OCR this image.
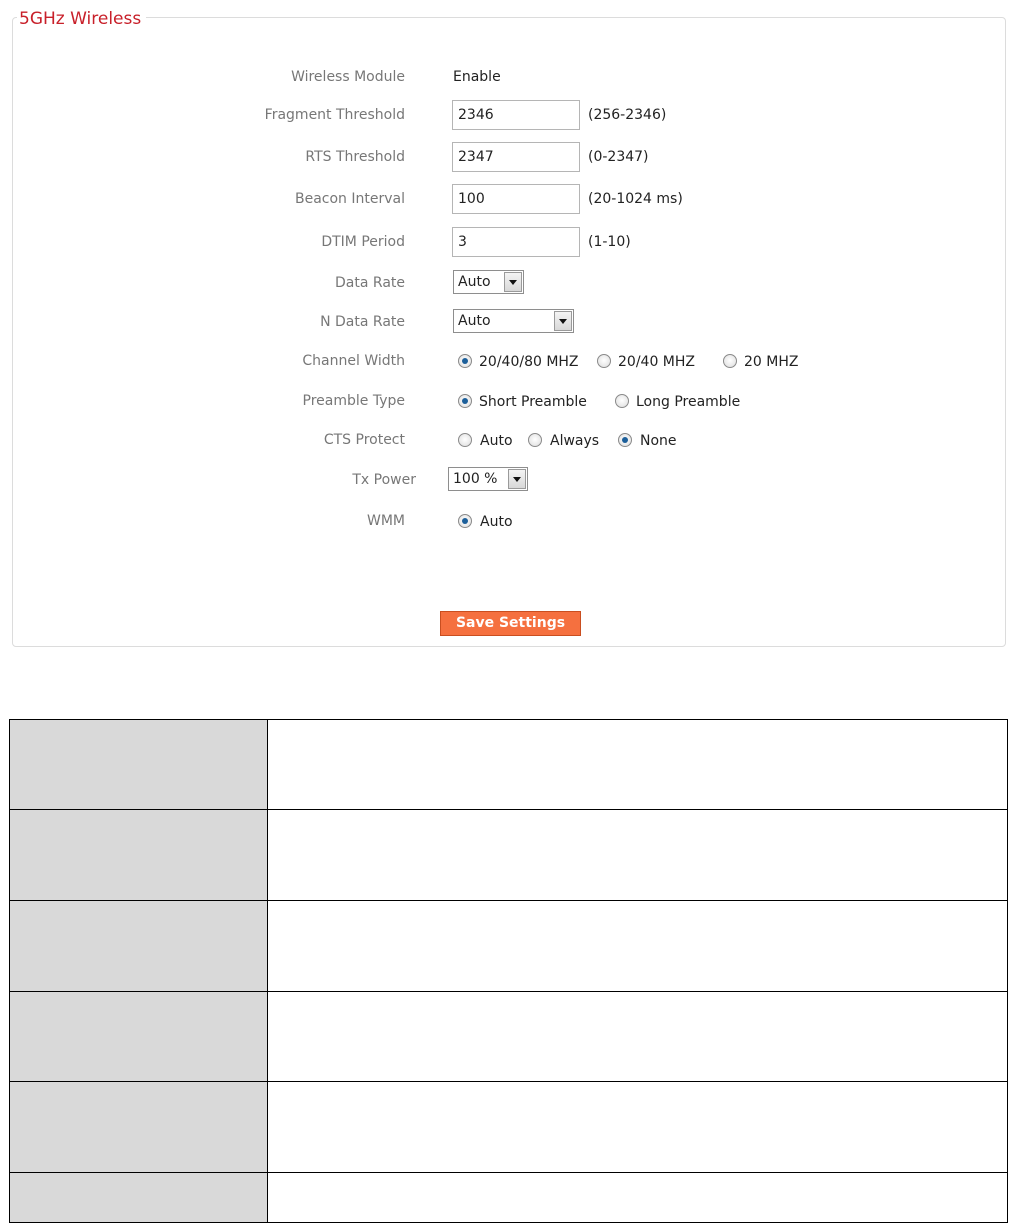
5GHz Wireless
Wireless Module	Enable
Fragment Threshold	2346	(256-2346)
RTS Threshold	2347	(0-2347)
Beacon Interval	100	(20-1024 ms)
DTIM Period	3	(1-10)
Data Rate	Auto
N Data Rate	Auto
Channel Width	20/40/80 MHZ	20/40 MHZ	20 MHZ
Preamble Type	Short Preamble	Long Preamble
CTS Protect	Auto	Always	None
Tx Power	100 %
WMM	Auto
Save Settings
